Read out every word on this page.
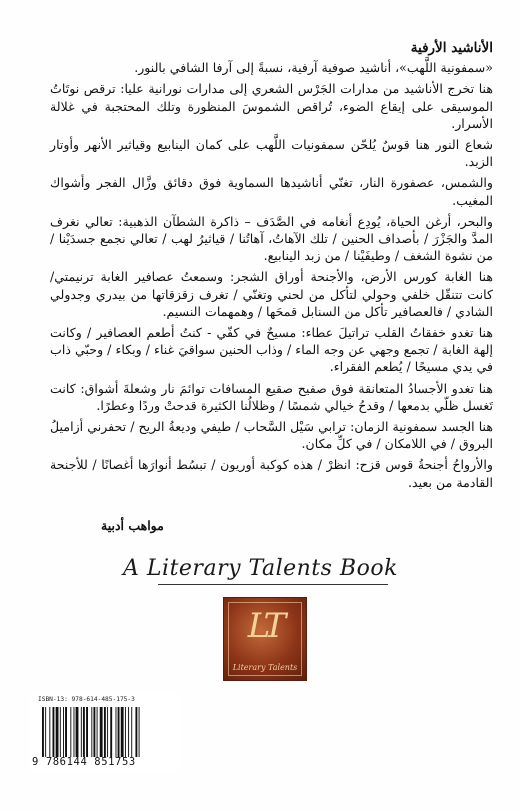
الأناشيد الأرفية

«سمفونية اللَّهب»، أناشيد صوفية آرفية، نسبةً إلى آرفا الشافي بالنور.

هنا تخرج الأناشيد من مدارات الجَرْس الشعري إلى مدارات نورانية عليا: ترقص نوتَاتُ الموسيقى على إيقاع الضوء، تُراقص الشموسَ المنظورة وتلك المحتجبة في غلالة الأسرار.

شعاع النور هنا قوسٌ يُلحّن سمفونيات اللَّهب على كمان الينابيع وقياثير الأنهر وأوتار الزبد.

والشمس، عصفورة النار، تغنّي أناشيدها السماوية فوق دقائق وزَّال الفجر وأشواك المغيب.

والبحر، أرغن الحياة، يُودِع أنغامه في الصَّدَف – ذاكرة الشطآن الذهبية: تعالي نغرف المدَّ والجَزْرَ / بأصداف الحنين / تلك الآهاتُ، آهاتُنا / قياثيرُ لهب / تعالي نجمع جسدَيْنا / من نشوة الشغف / وطيفَيْنا / من زبد الينابيع.

هنا الغابة كورس الأرض، والأجنحة أوراق الشجر: وسمعتُ عصافير الغابة ترنيمتي/ كانت تتنقّل خلفي وحولي لتأكل من لحني وتغنّي / تغرف زقزقاتها من بيدري وجدولي الشادي / فالعصافير تأكل من السنابل قمحَها / وهمهمات النسيم.

هنا تغدو خفقاتُ القلب تراتيلَ عطاء: مسيحٌ في كفّي - كنتُ أطعم العصافير / وكانت إلهة الغابة / تجمع وجهي عن وجه الماء / وذاب الحنين سواقيَ غناء / وبكاء / وحبّي ذاب في يدي مسيحًا / يُطعم الفقراء.

هنا تغدو الأجسادُ المتعانقة فوق صفيح صقيع المسافات توائمَ نار وشعلةَ أشواق: كانت تَغسل ظلّي بدمعها / وقدحُ خيالي شمسًا / وظلالُنا الكثيرة قدحتْ وردًا وعطرًا.

هنا الجسد سمفونية الزمان: ترابي سَيْل السَّحاب / طيفي وديعةُ الريح / تحفرني أزاميلُ البروق / في اللامكان / في كلِّ مكان.

والأرواحُ أجنحةُ قوس قزح: انظرْ / هذه كوكبة أوريون / تبسُط أنوارَها أغصانًا / للأجنحة القادمة من بعيد.

مواهب أدبية
A Literary Talents Book
LT
Literary Talents
ISBN-13: 978-614-485-175-3
9 786144 851753
